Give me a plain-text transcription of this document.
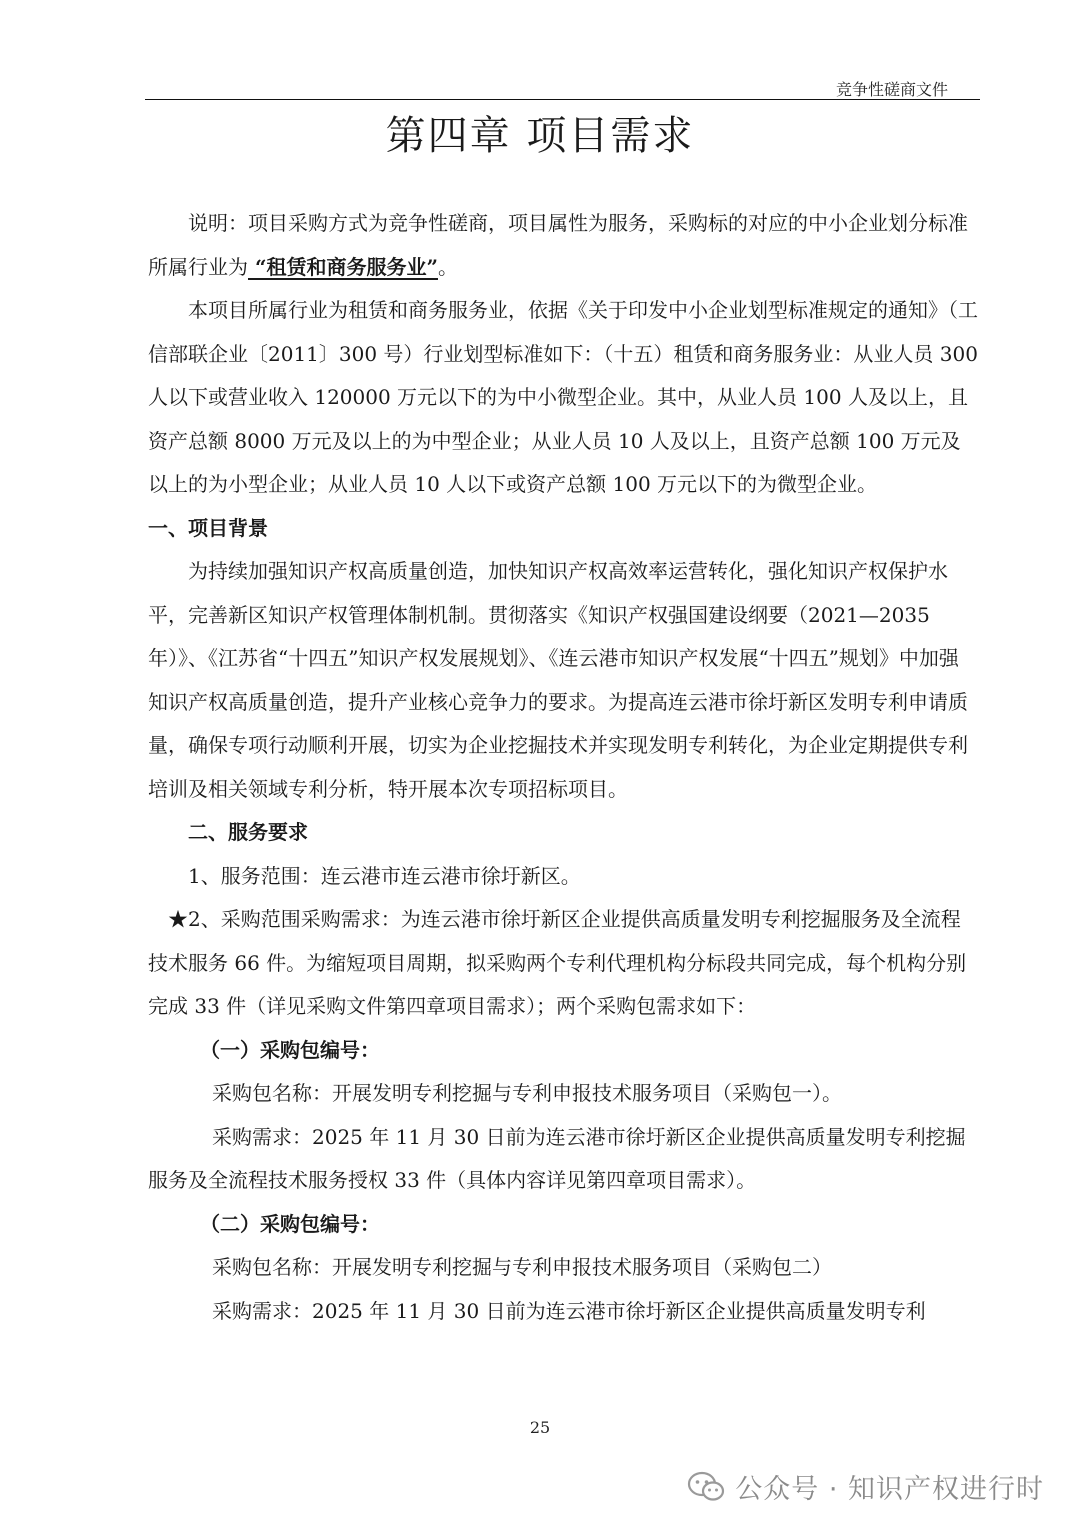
竞争性磋商文件
第四章 项目需求

说明：项目采购方式为竞争性磋商，项目属性为服务，采购标的对应的中小企业划分标准所属行业为 “租赁和商务服务业”。

本项目所属行业为租赁和商务服务业，依据《关于印发中小企业划型标准规定的通知》（工信部联企业〔2011〕300 号）行业划型标准如下：（十五）租赁和商务服务业：从业人员 300 人以下或营业收入 120000 万元以下的为中小微型企业。其中，从业人员 100 人及以上，且资产总额 8000 万元及以上的为中型企业；从业人员 10 人及以上，且资产总额 100 万元及以上的为小型企业；从业人员 10 人以下或资产总额 100 万元以下的为微型企业。

一、项目背景

为持续加强知识产权高质量创造，加快知识产权高效率运营转化，强化知识产权保护水平，完善新区知识产权管理体制机制。贯彻落实《知识产权强国建设纲要（2021—2035 年）》、《江苏省“十四五”知识产权发展规划》、《连云港市知识产权发展“十四五”规划》中加强知识产权高质量创造，提升产业核心竞争力的要求。为提高连云港市徐圩新区发明专利申请质量，确保专项行动顺利开展，切实为企业挖掘技术并实现发明专利转化，为企业定期提供专利培训及相关领域专利分析，特开展本次专项招标项目。

二、服务要求

1、服务范围：连云港市连云港市徐圩新区。

★2、采购范围采购需求：为连云港市徐圩新区企业提供高质量发明专利挖掘服务及全流程技术服务 66 件。为缩短项目周期，拟采购两个专利代理机构分标段共同完成，每个机构分别完成 33 件（详见采购文件第四章项目需求）；两个采购包需求如下：

（一）采购包编号：

采购包名称：开展发明专利挖掘与专利申报技术服务项目（采购包一）。

采购需求：2025 年 11 月 30 日前为连云港市徐圩新区企业提供高质量发明专利挖掘服务及全流程技术服务授权 33 件（具体内容详见第四章项目需求）。

（二）采购包编号：

采购包名称：开展发明专利挖掘与专利申报技术服务项目（采购包二）

采购需求：2025 年 11 月 30 日前为连云港市徐圩新区企业提供高质量发明专利

25
公众号 · 知识产权进行时
